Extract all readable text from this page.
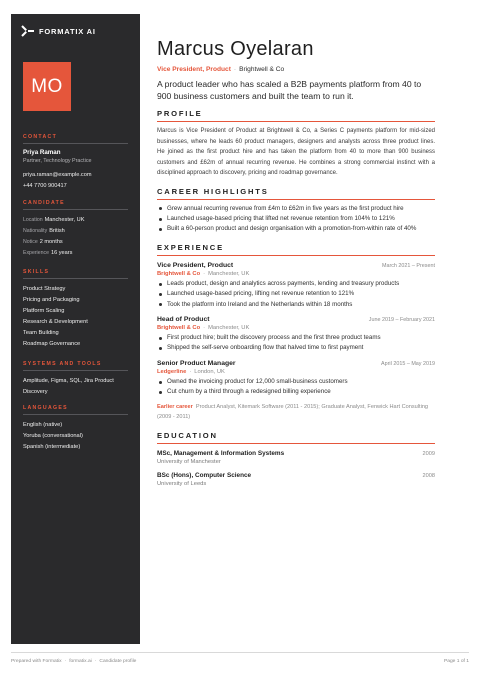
FORMATIX AI
MO
CONTACT
Priya Raman
Partner, Technology Practice
priya.raman@example.com
+44 7700 900417
CANDIDATE
Location Manchester, UK
Nationality British
Notice 2 months
Experience 16 years
SKILLS
Product Strategy
Pricing and Packaging
Platform Scaling
Research & Development
Team Building
Roadmap Governance
SYSTEMS AND TOOLS
Amplitude, Figma, SQL, Jira Product Discovery
LANGUAGES
English (native)
Yoruba (conversational)
Spanish (intermediate)
Marcus Oyelaran
Vice President, Product · Brightwell & Co

A product leader who has scaled a B2B payments platform from 40 to 900 business customers and built the team to run it.

PROFILE

Marcus is Vice President of Product at Brightwell & Co, a Series C payments platform for mid-sized businesses, where he leads 60 product managers, designers and analysts across three product lines. He joined as the first product hire and has taken the platform from 40 to more than 900 business customers and £62m of annual recurring revenue. He combines a strong commercial instinct with a disciplined approach to discovery, pricing and roadmap governance.

CAREER HIGHLIGHTS
Grew annual recurring revenue from £4m to £62m in five years as the first product hire
Launched usage-based pricing that lifted net revenue retention from 104% to 121%
Built a 60-person product and design organisation with a promotion-from-within rate of 40%
EXPERIENCE
Vice President, Product	March 2021 – Present
Brightwell & Co · Manchester, UK
Leads product, design and analytics across payments, lending and treasury products
Launched usage-based pricing, lifting net revenue retention to 121%
Took the platform into Ireland and the Netherlands within 18 months
Head of Product	June 2019 – February 2021
Brightwell & Co · Manchester, UK
First product hire; built the discovery process and the first three product teams
Shipped the self-serve onboarding flow that halved time to first payment
Senior Product Manager	April 2015 – May 2019
Ledgerline · London, UK
Owned the invoicing product for 12,000 small-business customers
Cut churn by a third through a redesigned billing experience

Earlier career Product Analyst, Kitemark Software (2011 - 2015); Graduate Analyst, Fenwick Hart Consulting (2009 - 2011)

EDUCATION
MSc, Management & Information Systems	2009
University of Manchester
BSc (Hons), Computer Science	2008
University of Leeds
Prepared with Formatix · formatix.ai · Candidate profile	Page 1 of 1
